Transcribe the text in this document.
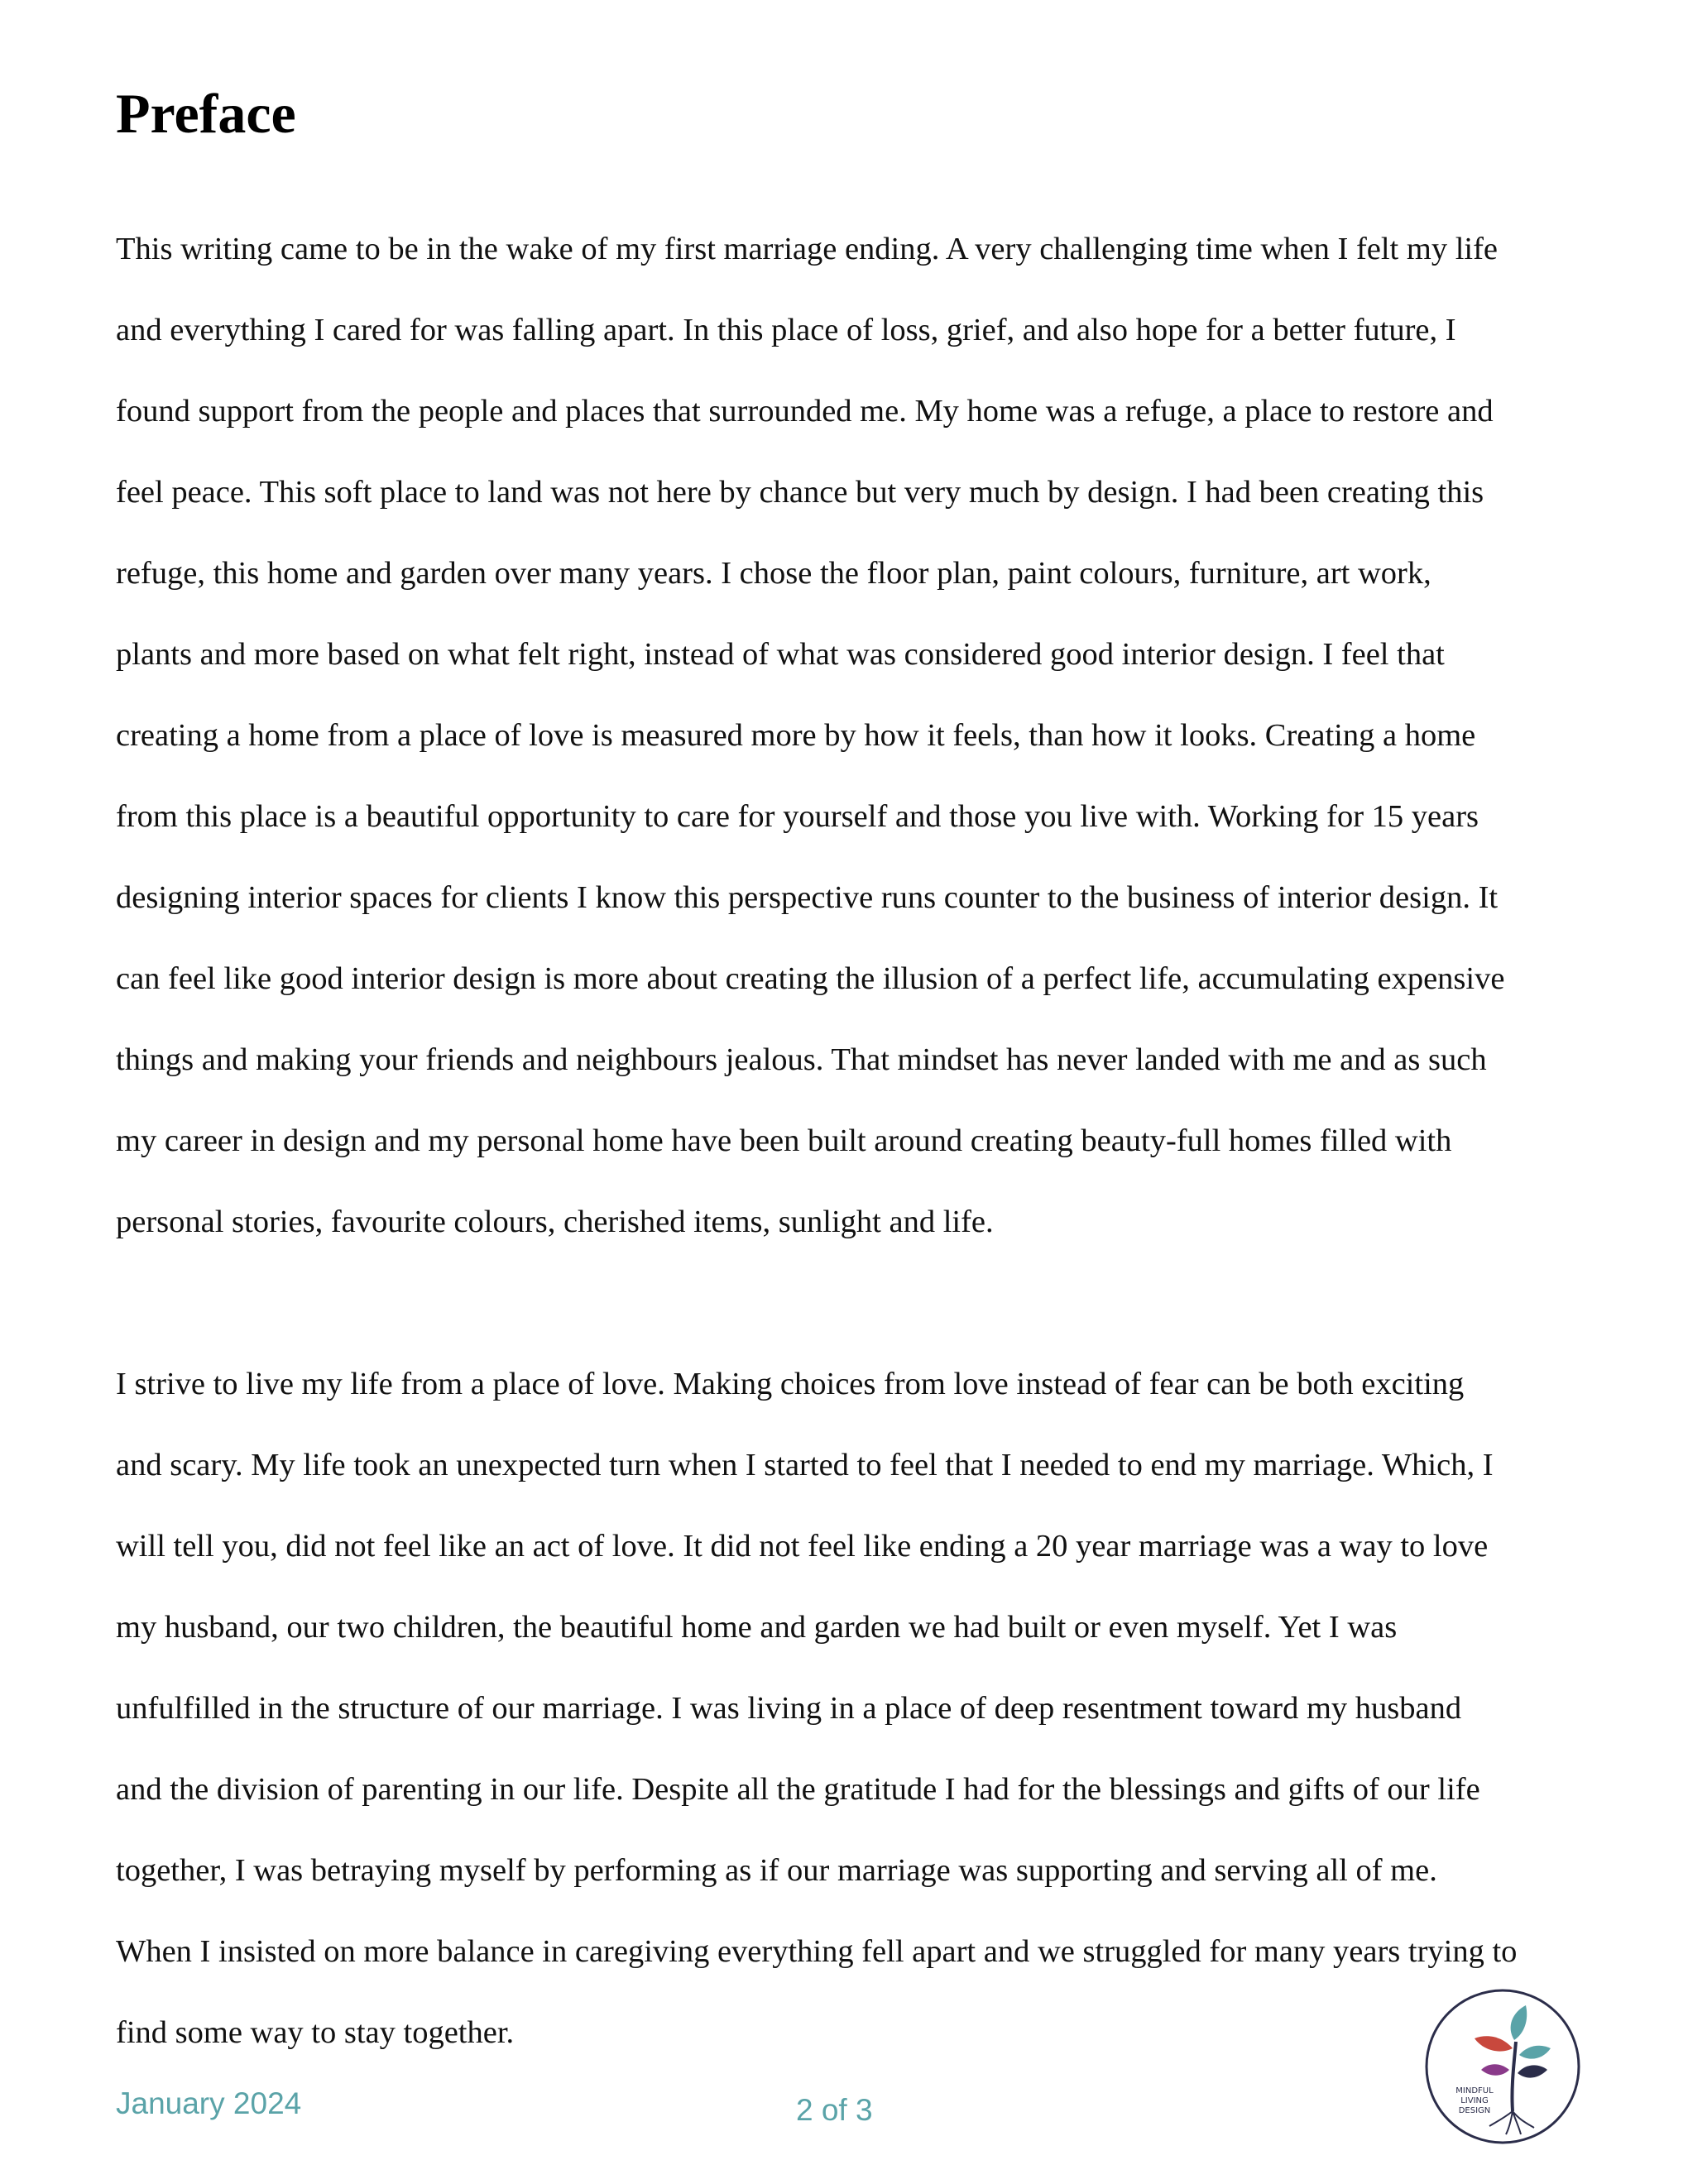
Preface
This writing came to be in the wake of my first marriage ending. A very challenging time when I felt my life
and everything I cared for was falling apart. In this place of loss, grief, and also hope for a better future, I
found support from the people and places that surrounded me. My home was a refuge, a place to restore and
feel peace. This soft place to land was not here by chance but very much by design. I had been creating this
refuge, this home and garden over many years. I chose the floor plan, paint colours, furniture, art work,
plants and more based on what felt right, instead of what was considered good interior design. I feel that
creating a home from a place of love is measured more by how it feels, than how it looks. Creating a home
from this place is a beautiful opportunity to care for yourself and those you live with. Working for 15 years
designing interior spaces for clients I know this perspective runs counter to the business of interior design. It
can feel like good interior design is more about creating the illusion of a perfect life, accumulating expensive
things and making your friends and neighbours jealous. That mindset has never landed with me and as such
my career in design and my personal home have been built around creating beauty-full homes filled with
personal stories, favourite colours, cherished items, sunlight and life.
I strive to live my life from a place of love. Making choices from love instead of fear can be both exciting
and scary. My life took an unexpected turn when I started to feel that I needed to end my marriage. Which, I
will tell you, did not feel like an act of love. It did not feel like ending a 20 year marriage was a way to love
my husband, our two children, the beautiful home and garden we had built or even myself. Yet I was
unfulfilled in the structure of our marriage. I was living in a place of deep resentment toward my husband
and the division of parenting in our life. Despite all the gratitude I had for the blessings and gifts of our life
together, I was betraying myself by performing as if our marriage was supporting and serving all of me.
When I insisted on more balance in caregiving everything fell apart and we struggled for many years trying to
find some way to stay together.
January 2024	2 of 3
MINDFUL
LIVING
DESIGN
